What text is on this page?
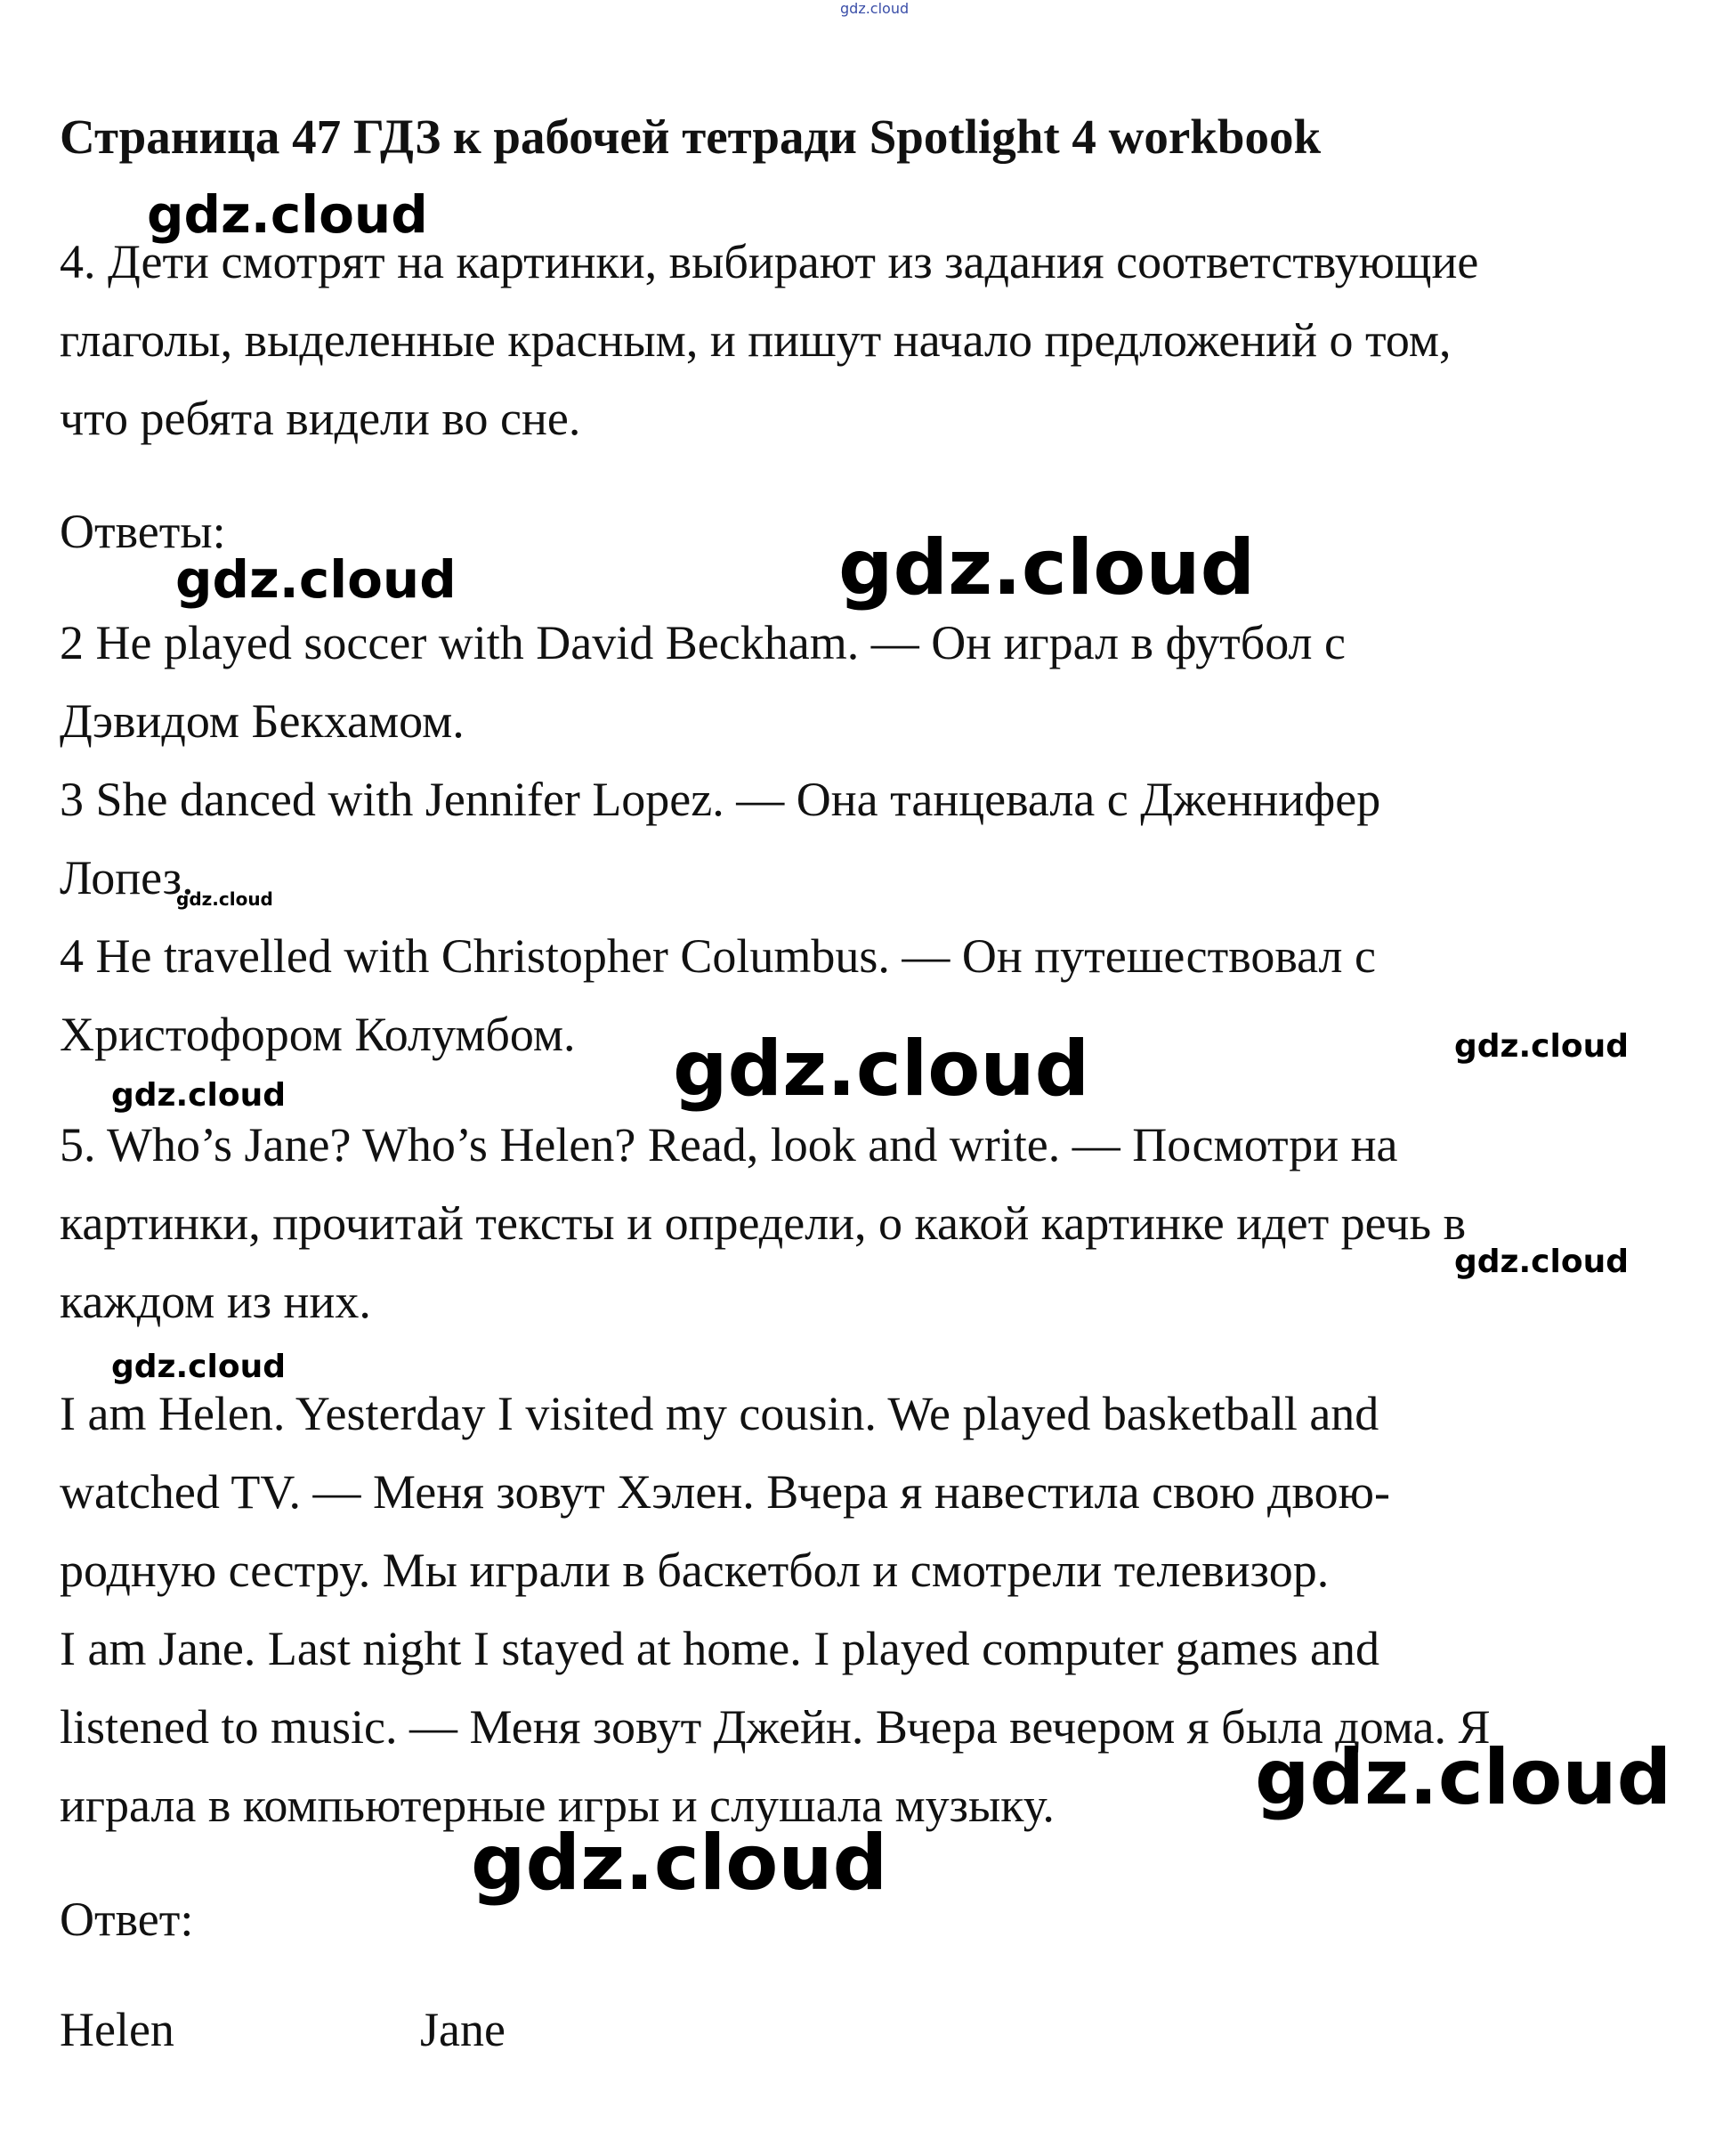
gdz.cloud
Страница 47 ГДЗ к рабочей тетради Spotlight 4 workbook
4. Дети смотрят на картинки, выбирают из задания соответствующие
глаголы, выделенные красным, и пишут начало предложений о том,
что ребята видели во сне.
Ответы:
2 He played soccer with David Beckham. — Он играл в футбол с
Дэвидом Бекхамом.
3 She danced with Jennifer Lopez. — Она танцевала с Дженнифер
Лопез.
4 He travelled with Christopher Columbus. — Он путешествовал с
Христофором Колумбом.
5. Who’s Jane? Who’s Helen? Read, look and write. — Посмотри на
картинки, прочитай тексты и определи, о какой картинке идет речь в
каждом из них.
I am Helen. Yesterday I visited my cousin. We played basketball and
watched TV. — Меня зовут Хэлен. Вчера я навестила свою двою-
родную сестру. Мы играли в баскетбол и смотрели телевизор.
I am Jane. Last night I stayed at home. I played computer games and
listened to music. — Меня зовут Джейн. Вчера вечером я была дома. Я
играла в компьютерные игры и слушала музыку.
Ответ:
Helen	Jane
gdz.cloud
gdz.cloud	gdz.cloud
gdz.cloud
gdz.cloud	gdz.cloud
gdz.cloud
gdz.cloud
gdz.cloud
gdz.cloud
gdz.cloud
